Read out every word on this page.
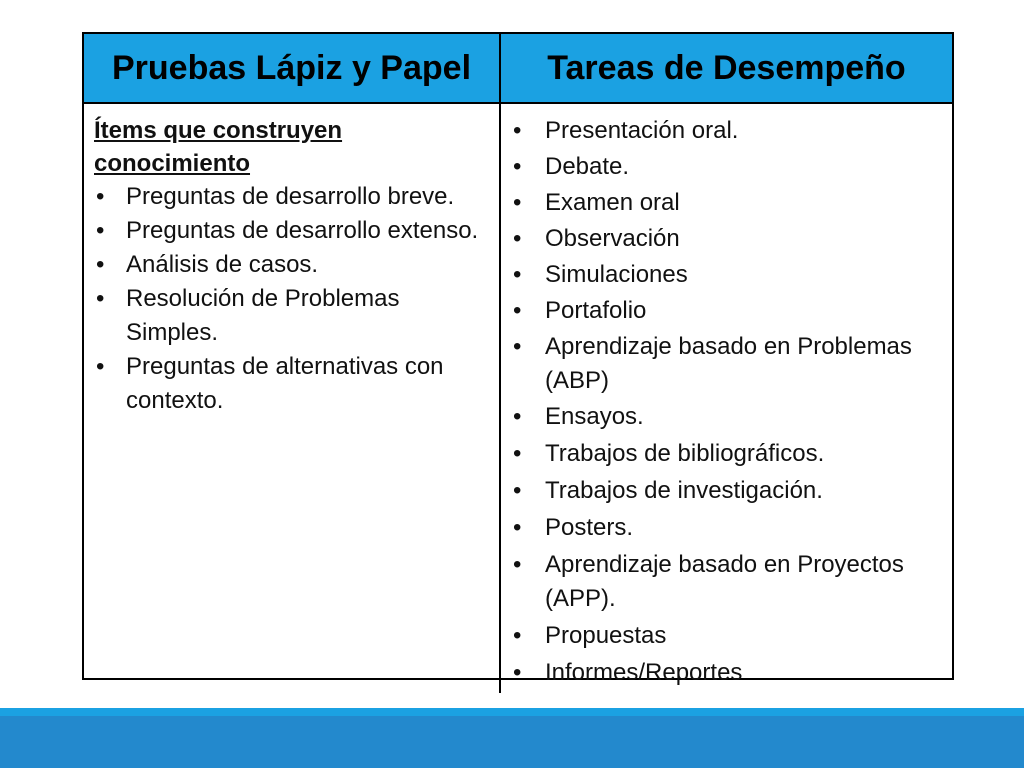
Pruebas Lápiz y Papel	Tareas de Desempeño
Ítems que construyen conocimiento
• Preguntas de desarrollo breve.
• Preguntas de desarrollo extenso.
• Análisis de casos.
• Resolución de Problemas Simples.
• Preguntas de alternativas con contexto.
• Presentación oral.
• Debate.
• Examen oral
• Observación
• Simulaciones
• Portafolio
• Aprendizaje basado en Problemas (ABP)
• Ensayos.
• Trabajos de bibliográficos.
• Trabajos de investigación.
• Posters.
• Aprendizaje basado en Proyectos (APP).
• Propuestas
• Informes/Reportes
